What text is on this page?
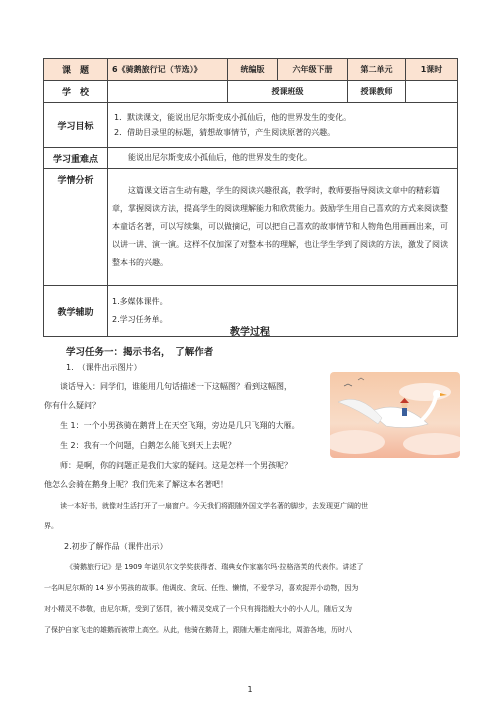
课　题	6《骑鹅旅行记（节选）》	统编版	六年级下册	第二单元	1课时
学　校		授课班级		授课教师	
学习目标	1．默读课文，能说出尼尔斯变成小孤仙后，他的世界发生的变化。
2．借助目录里的标题，猜想故事情节，产生阅读原著的兴趣。				

学习重难点	能说出尼尔斯变成小孤仙后，他的世界发生的变化。				
学情分析	这篇课文语言生动有趣，学生的阅读兴趣很高，教学时，教师要指导阅读文章中的精彩篇章，掌握阅读方法，提高学生的阅读理解能力和欣赏能力。鼓励学生用自己喜欢的方式来阅读整本童话名著，可以写续集，可以做摘记，可以把自己喜欢的故事情节和人物角色用画画出来，可以讲一讲、演一演。这样不仅加深了对整本书的理解，也让学生学到了阅读的方法，激发了阅读整本书的兴趣。				
教学辅助	1.多媒体课件。
2.学习任务单。				
教学过程
学习任务一：揭示书名，　了解作者
1.　（课件出示图片）
谈话导入：同学们，谁能用几句话描述一下这幅图？看到这幅图，
你有什么疑问？
生 1：一个小男孩骑在鹅背上在天空飞翔，旁边是几只飞翔的大雁。
生 2：我有一个问题，白鹅怎么能飞到天上去呢？
师：是啊，你的问题正是我们大家的疑问。这是怎样一个男孩呢？
他怎么会骑在鹅身上呢？我们先来了解这本名著吧！
读一本好书，就像对生活打开了一扇窗户。今天我们将跟随外国文学名著的脚步，去发现更广阔的世
界。
2.初步了解作品（课件出示）
《骑鹅旅行记》是 1909 年诺贝尔文学奖获得者、瑞典女作家塞尔玛·拉格洛芙的代表作。讲述了
一名叫尼尔斯的 14 岁小男孩的故事。他调皮、贪玩、任性、懒惰，不爱学习，喜欢捉弄小动物，因为
对小精灵不恭敬，由尼尔斯，受到了惩罚，被小精灵变成了一个只有拇指般大小的小人儿，随后又为
了保护自家飞走的雄鹅而被带上高空。从此，他骑在鹅背上，跟随大雁走南闯北，周游各地，历时八
1
